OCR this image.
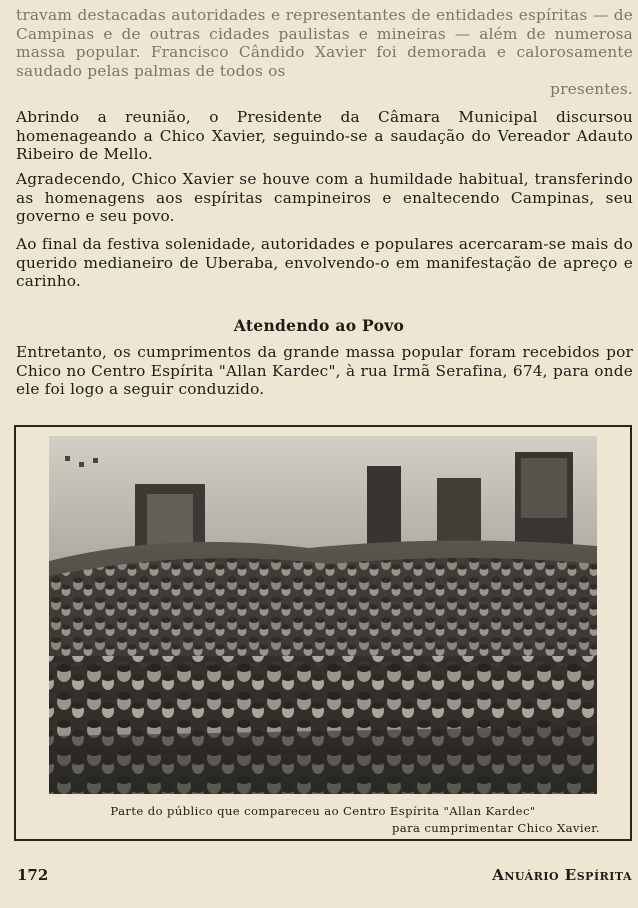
travam destacadas autoridades e representantes de entidades espíritas — de Campinas e de outras cidades paulistas e mineiras — além de numerosa massa popular. Francisco Cândido Xavier foi demorada e calorosamente saudado pelas palmas de todos os
presentes.
Abrindo a reunião, o Presidente da Câmara Municipal discursou homenageando a Chico Xavier, seguindo-se a saudação do Vereador Adauto Ribeiro de Mello.
Agradecendo, Chico Xavier se houve com a humildade habitual, transferindo as homenagens aos espíritas campineiros e enaltecendo Campinas, seu governo e seu povo.
Ao final da festiva solenidade, autoridades e populares acercaram-se mais do querido medianeiro de Uberaba, envolvendo-o em manifestação de apreço e carinho.
Atendendo ao Povo
Entretanto, os cumprimentos da grande massa popular foram recebidos por Chico no Centro Espírita "Allan Kardec", à rua Irmã Serafina, 674, para onde ele foi logo a seguir conduzido.
Parte do público que compareceu ao Centro Espírita "Allan Kardec"
para cumprimentar Chico Xavier.
172	Anuário Espírita
